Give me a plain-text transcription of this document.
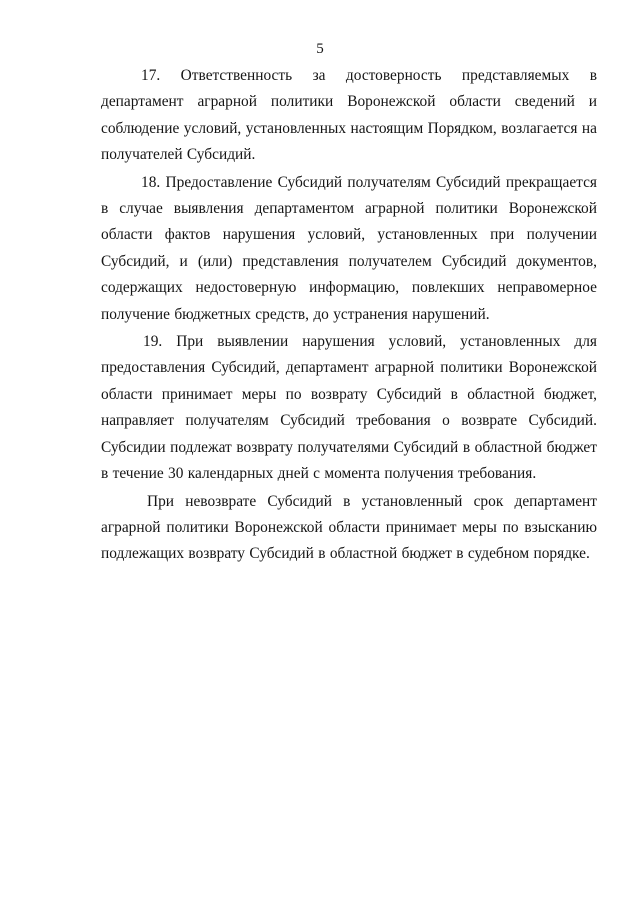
5

17. Ответственность за достоверность представляемых в департамент аграрной политики Воронежской области сведений и соблюдение условий, установленных настоящим Порядком, возлагается на получателей Субсидий.

18. Предоставление Субсидий получателям Субсидий прекращается в случае выявления департаментом аграрной политики Воронежской области фактов нарушения условий, установленных при получении Субсидий, и (или) представления получателем Субсидий документов, содержащих недостоверную информацию, повлекших неправомерное получение бюджетных средств, до устранения нарушений.

19. При выявлении нарушения условий, установленных для предоставления Субсидий, департамент аграрной политики Воронежской области принимает меры по возврату Субсидий в областной бюджет, направляет получателям Субсидий требования о возврате Субсидий. Субсидии подлежат возврату получателями Субсидий в областной бюджет в течение 30 календарных дней с момента получения требования.

При невозврате Субсидий в установленный срок департамент аграрной политики Воронежской области принимает меры по взысканию подлежащих возврату Субсидий в областной бюджет в судебном порядке.
